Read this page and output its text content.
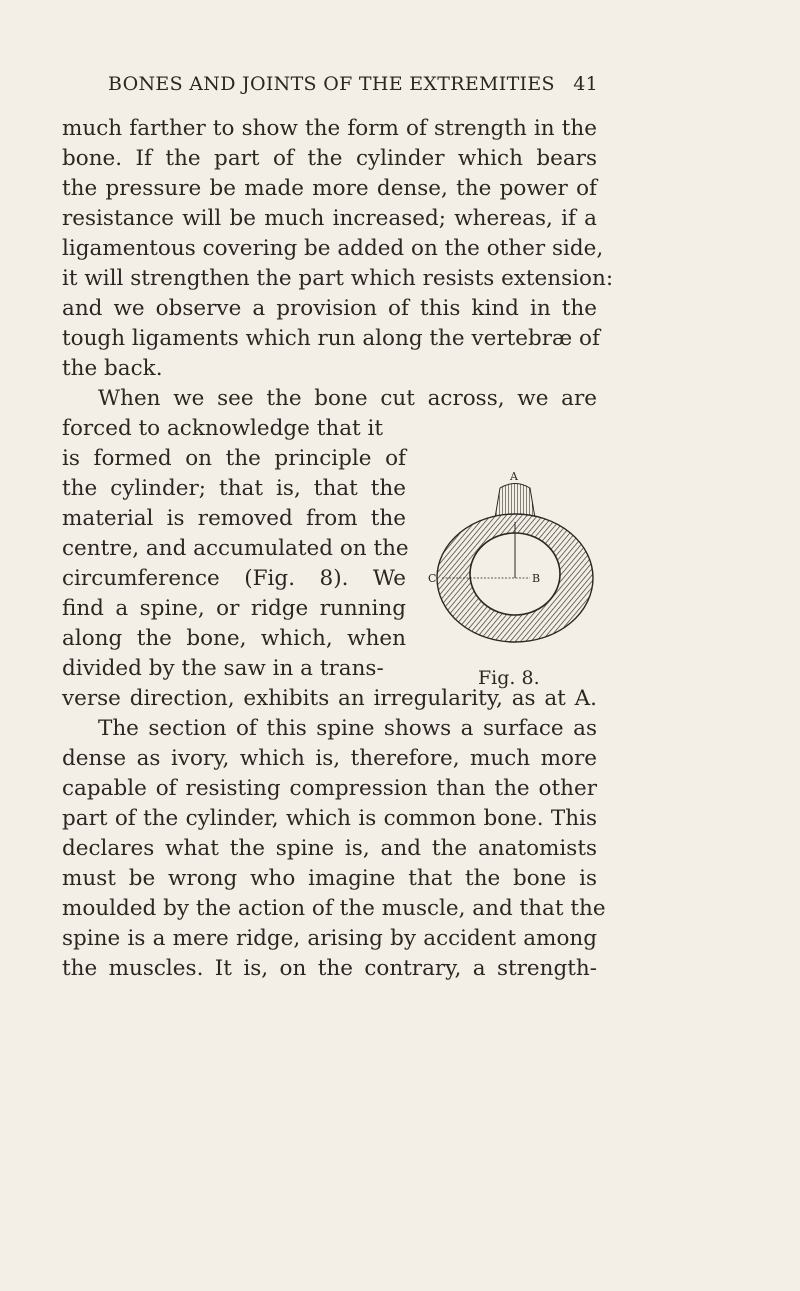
BONES AND JOINTS OF THE EXTREMITIES 41

much farther to show the form of strength in the

bone. If the part of the cylinder which bears

the pressure be made more dense, the power of

resistance will be much increased; whereas, if a

ligamentous covering be added on the other side,

it will strengthen the part which resists extension:

and we observe a provision of this kind in the

tough ligaments which run along the vertebræ of

the back.

When we see the bone cut across, we are

forced to acknowledge that it

is formed on the principle of

the cylinder; that is, that the

material is removed from the

centre, and accumulated on the

circumference (Fig. 8). We

find a spine, or ridge running

along the bone, which, when

divided by the saw in a trans-

verse direction, exhibits an irregularity, as at A.

The section of this spine shows a surface as

dense as ivory, which is, therefore, much more

capable of resisting compression than the other

part of the cylinder, which is common bone. This

declares what the spine is, and the anatomists

must be wrong who imagine that the bone is

moulded by the action of the muscle, and that the

spine is a mere ridge, arising by accident among

the muscles. It is, on the contrary, a strength-

A
C	B
Fig. 8.
